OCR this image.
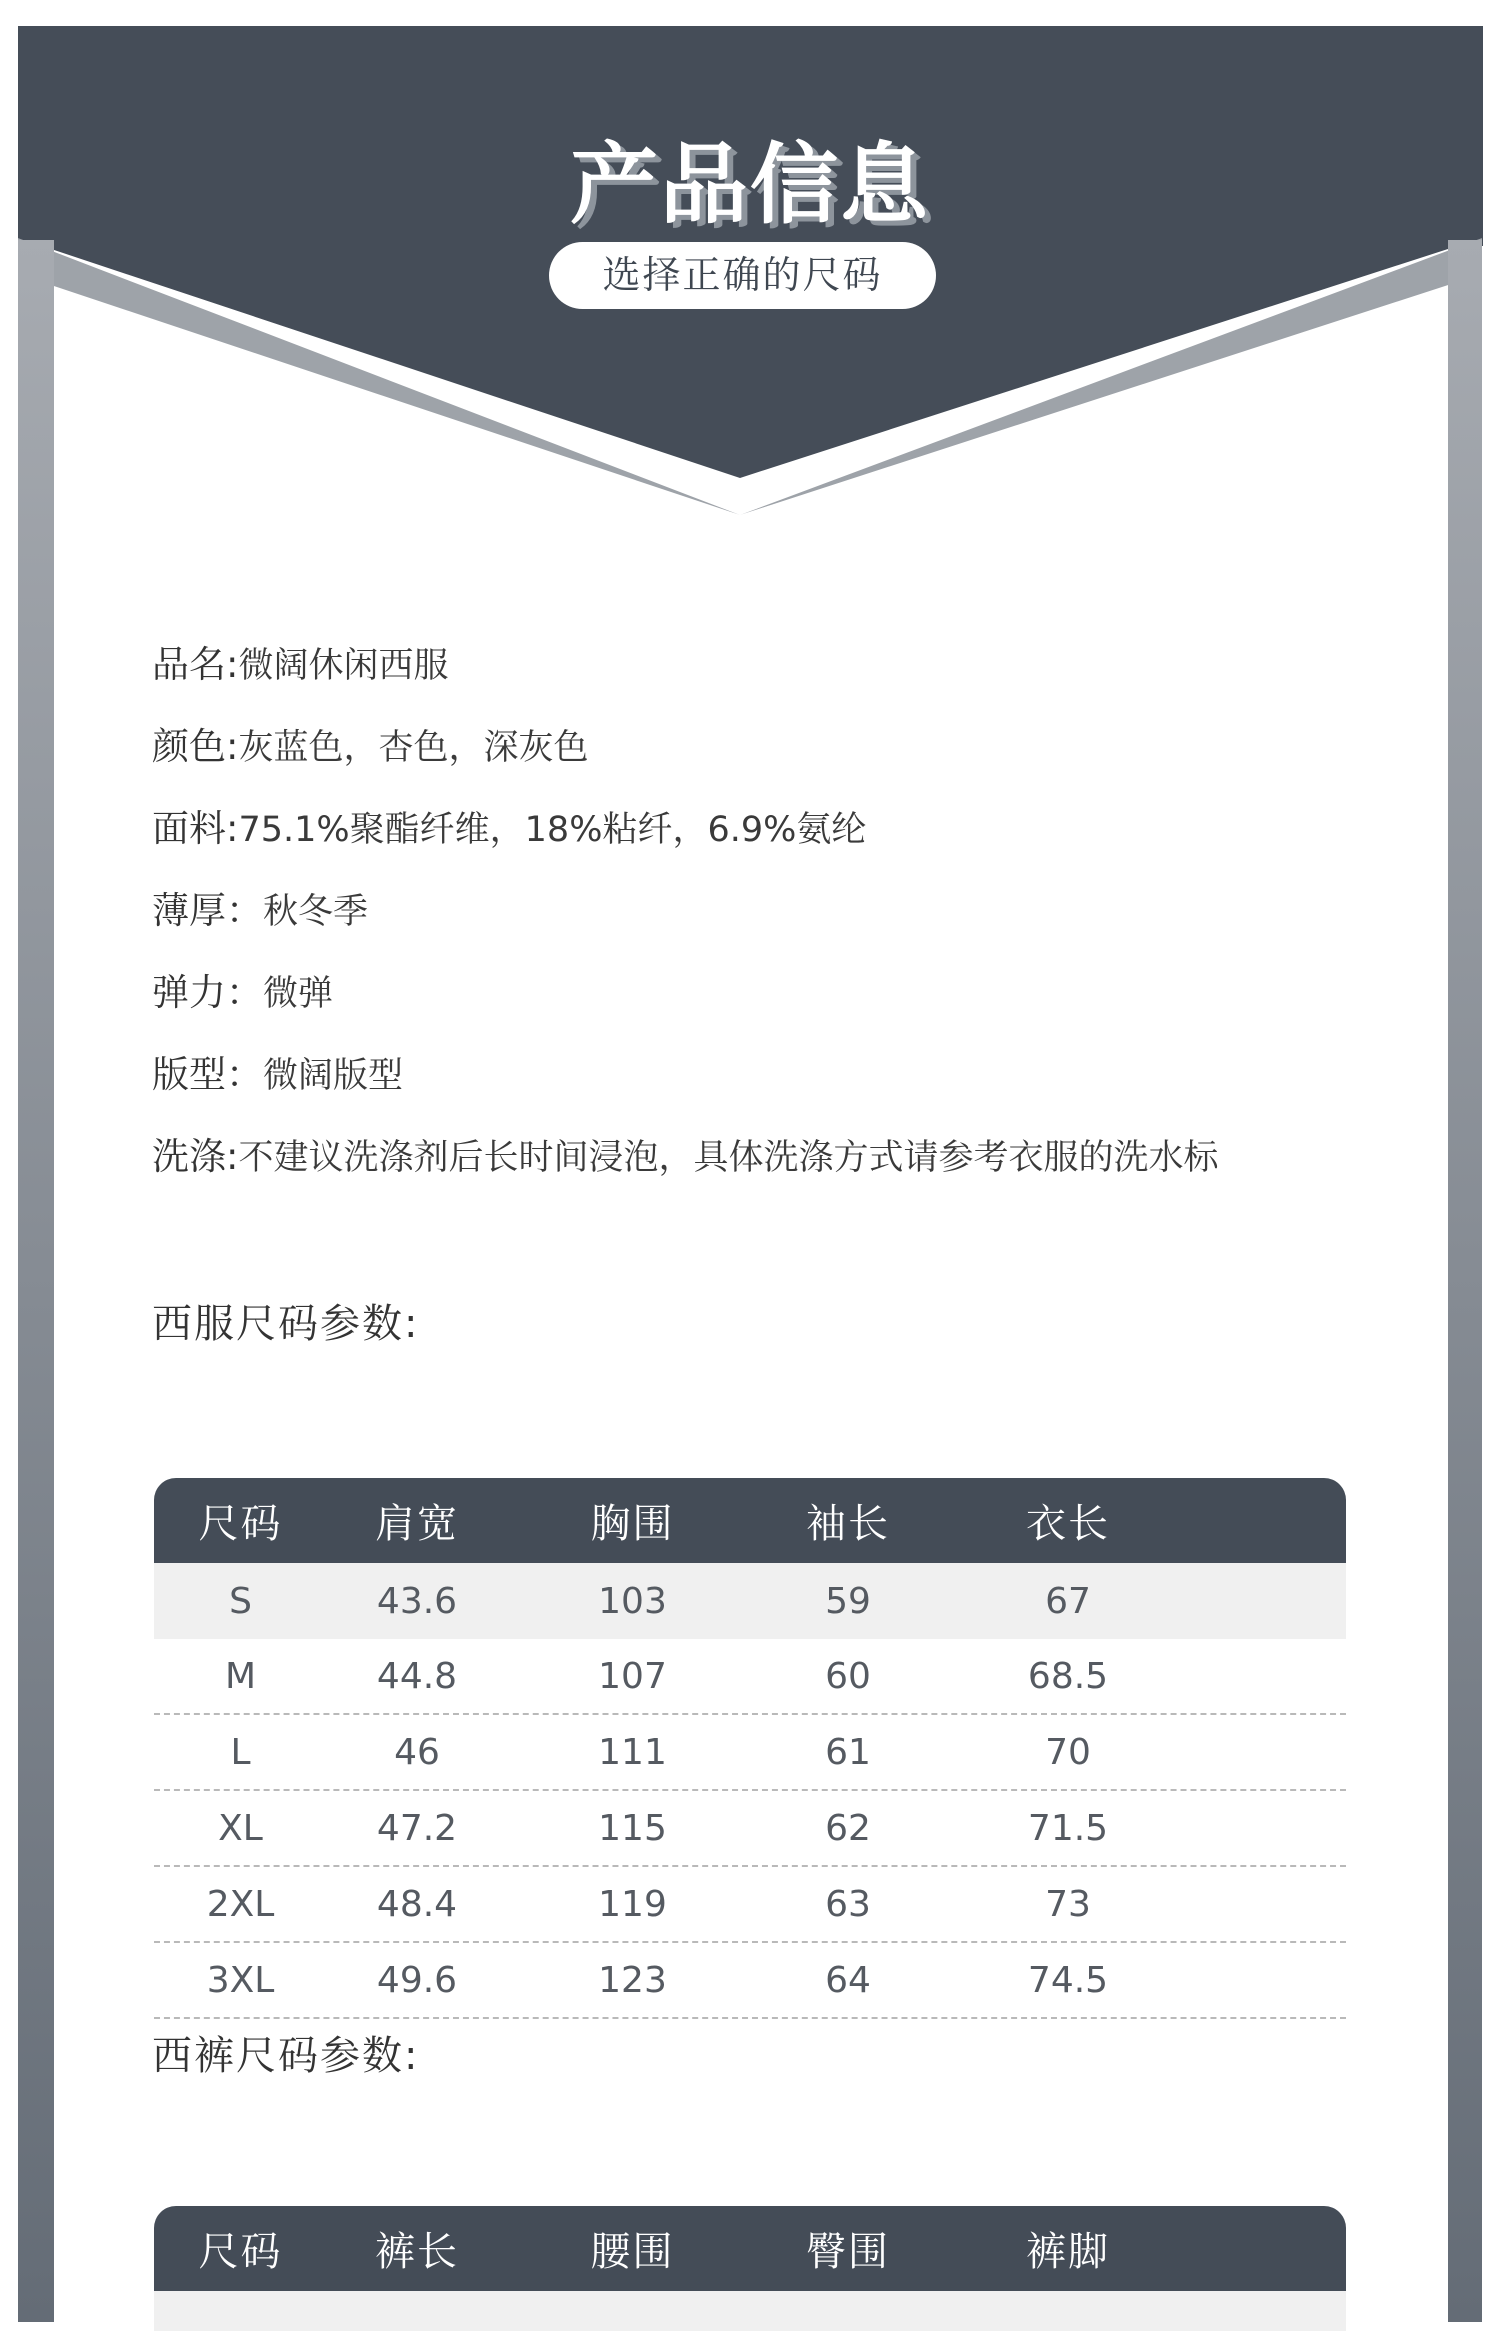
产品信息
选择正确的尺码
品名:微阔休闲西服
颜色:灰蓝色，杏色，深灰色
面料:75.1%聚酯纤维，18%粘纤，6.9%氨纶
薄厚：秋冬季
弹力：微弹
版型：微阔版型
洗涤:不建议洗涤剂后长时间浸泡，具体洗涤方式请参考衣服的洗水标
西服尺码参数:
尺码	肩宽	胸围	袖长	衣长
S	43.6	103	59	67
M	44.8	107	60	68.5
L	46	111	61	70
XL	47.2	115	62	71.5
2XL	48.4	119	63	73
3XL	49.6	123	64	74.5
西裤尺码参数:
尺码	裤长	腰围	臀围	裤脚
